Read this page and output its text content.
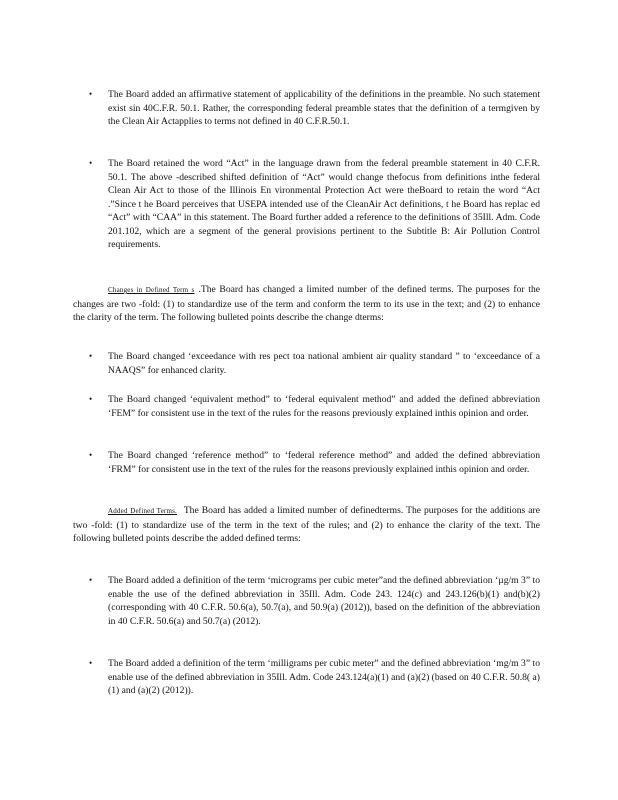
• The Board added an affirmative statement of applicability of the definitions in the preamble. No such statement exist sin 40C.F.R. 50.1. Rather, the corresponding federal preamble states that the definition of a termgiven by the Clean Air Actapplies to terms not defined in 40 C.F.R.50.1.
• The Board retained the word “Act” in the language drawn from the federal preamble statement in 40 C.F.R. 50.1. The above -described shifted definition of “Act” would change thefocus from definitions inthe federal Clean Air Act to those of the Illinois En vironmental Protection Act were theBoard to retain the word “Act .”Since t he Board perceives that USEPA intended use of the CleanAir Act definitions, t he Board has replac ed “Act” with “CAA” in this statement. The Board further added a reference to the definitions of 35Ill. Adm. Code 201.102, which are a segment of the general provisions pertinent to the Subtitle B: Air Pollution Control requirements.

Changes in Defined Term s .The Board has changed a limited number of the defined terms. The purposes for the changes are two -fold: (1) to standardize use of the term and conform the term to its use in the text; and (2) to enhance the clarity of the term. The following bulleted points describe the change dterms:

• The Board changed ‘exceedance with res pect toa national ambient air quality standard ” to ‘exceedance of a NAAQS” for enhanced clarity.
• The Board changed ‘equivalent method” to ‘federal equivalent method” and added the defined abbreviation ‘FEM” for consistent use in the text of the rules for the reasons previously explained inthis opinion and order.
• The Board changed ‘reference method” to ‘federal reference method” and added the defined abbreviation ‘FRM” for consistent use in the text of the rules for the reasons previously explained inthis opinion and order.

Added Defined Terms. The Board has added a limited number of definedterms. The purposes for the additions are two -fold: (1) to standardize use of the term in the text of the rules; and (2) to enhance the clarity of the text. The following bulleted points describe the added defined terms:

• The Board added a definition of the term ‘micrograms per cubic meter”and the defined abbreviation ‘µg/m 3” to enable the use of the defined abbreviation in 35Ill. Adm. Code 243. 124(c) and 243.126(b)(1) and(b)(2) (corresponding with 40 C.F.R. 50.6(a), 50.7(a), and 50.9(a) (2012)), based on the definition of the abbreviation in 40 C.F.R. 50.6(a) and 50.7(a) (2012).
• The Board added a definition of the term ‘milligrams per cubic meter” and the defined abbreviation ‘mg/m 3” to enable use of the defined abbreviation in 35Ill. Adm. Code 243.124(a)(1) and (a)(2) (based on 40 C.F.R. 50.8( a)(1) and (a)(2) (2012)).
